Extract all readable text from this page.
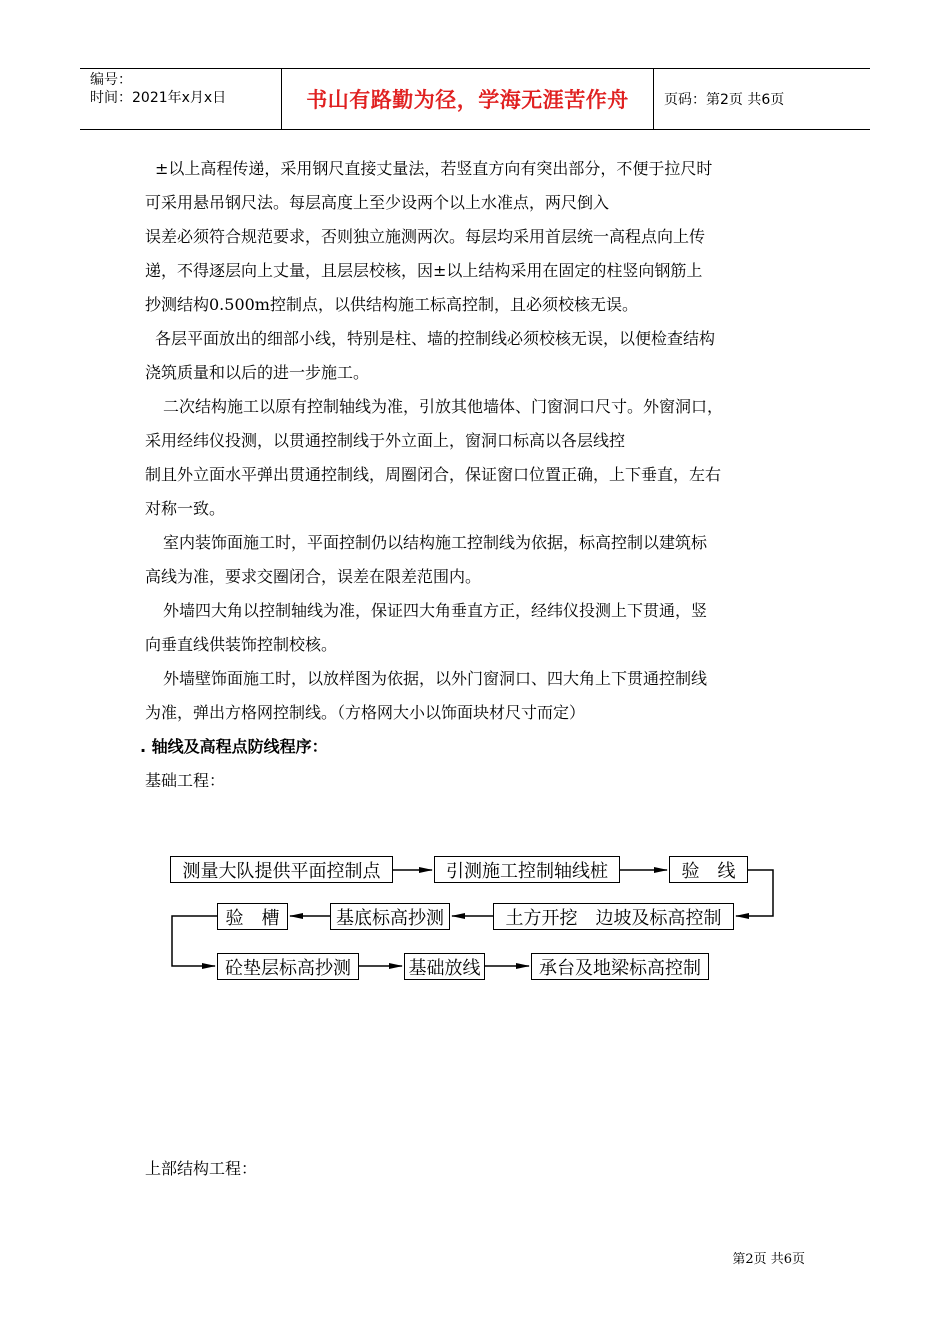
编号：
时间：2021年x月x日	书山有路勤为径，学海无涯苦作舟	页码：第2页 共6页

±以上高程传递，采用钢尺直接丈量法，若竖直方向有突出部分，不便于拉尺时

可采用悬吊钢尺法。每层高度上至少设两个以上水准点，两尺倒入

误差必须符合规范要求，否则独立施测两次。每层均采用首层统一高程点向上传

递，不得逐层向上丈量，且层层校核，因±以上结构采用在固定的柱竖向钢筋上

抄测结构0.500m控制点，以供结构施工标高控制，且必须校核无误。

各层平面放出的细部小线，特别是柱、墙的控制线必须校核无误，以便检查结构

浇筑质量和以后的进一步施工。

二次结构施工以原有控制轴线为准，引放其他墙体、门窗洞口尺寸。外窗洞口，

采用经纬仪投测，以贯通控制线于外立面上，窗洞口标高以各层线控

制且外立面水平弹出贯通控制线，周圈闭合，保证窗口位置正确，上下垂直，左右

对称一致。

室内装饰面施工时，平面控制仍以结构施工控制线为依据，标高控制以建筑标

高线为准，要求交圈闭合，误差在限差范围内。

外墙四大角以控制轴线为准，保证四大角垂直方正，经纬仪投测上下贯通，竖

向垂直线供装饰控制校核。

外墙壁饰面施工时，以放样图为依据，以外门窗洞口、四大角上下贯通控制线

为准，弹出方格网控制线。（方格网大小以饰面块材尺寸而定）

. 轴线及高程点防线程序：

基础工程：

测量大队提供平面控制点	引测施工控制轴线桩	验　线
土方开挖　边坡及标高控制
基底标高抄测
验　槽
砼垫层标高抄测	基础放线	承台及地梁标高控制

上部结构工程：

第2页 共6页
